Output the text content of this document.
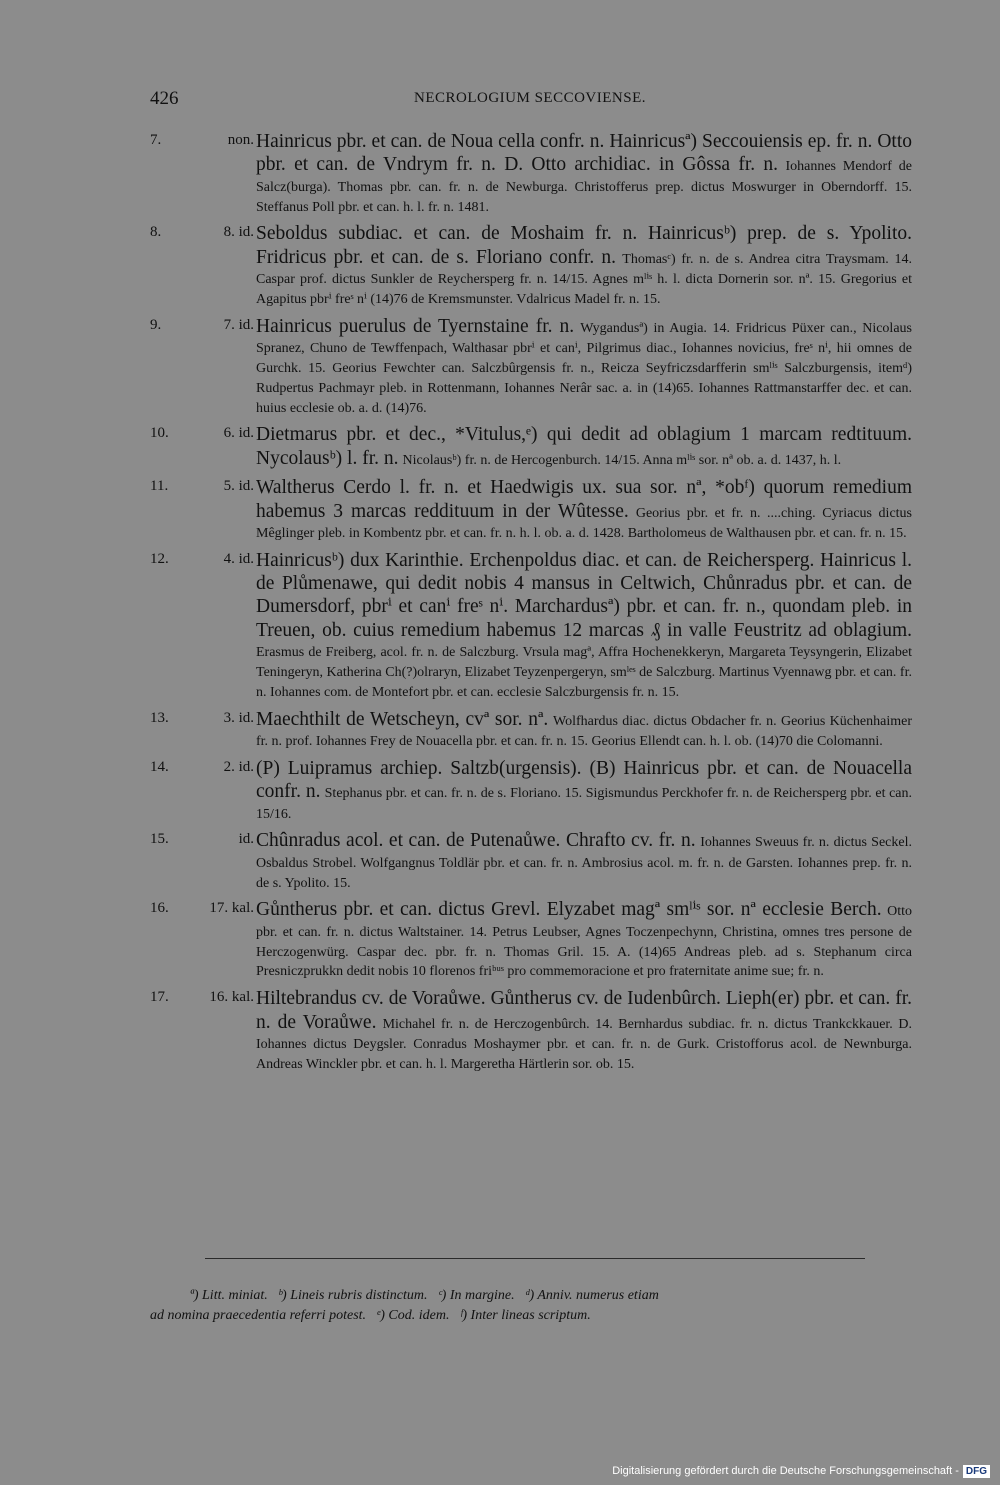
426	NECROLOGIUM SECCOVIENSE.
7.	non. Hainricus pbr. et can. de Noua cella confr. n. Hainricusª) Seccouiensis ep. fr. n. Otto pbr. et can. de Vndrym fr. n. D. Otto archidiac. in Gôssa fr. n. Iohannes Mendorf de Salcz(burga). Thomas pbr. can. fr. n. de Newburga. Christofferus prep. dictus Moswurger in Oberndorff. 15. Steffanus Poll pbr. et can. h. l. fr. n. 1481.
8.	8. id. Seboldus subdiac. et can. de Moshaim fr. n. Hainricusᵇ) prep. de s. Ypolito. Fridricus pbr. et can. de s. Floriano confr. n. Thomasᶜ) fr. n. de s. Andrea citra Traysmam. 14. Caspar prof. dictus Sunkler de Reychersperg fr. n. 14/15. Agnes mˡⁱˢ h. l. dicta Dornerin sor. nª. 15. Gregorius et Agapitus pbrⁱ freˢ nⁱ (14)76 de Kremsmunster. Vdalricus Madel fr. n. 15.
9.	7. id. Hainricus puerulus de Tyernstaine fr. n. Wygandusª) in Augia. 14. Fridricus Püxer can., Nicolaus Spranez, Chuno de Tewffenpach, Walthasar pbrⁱ et canⁱ, Pilgrimus diac., Iohannes novicius, freˢ nⁱ, hii omnes de Gurchk. 15. Georius Fewchter can. Salczbûrgensis fr. n., Reicza Seyfriczsdarfferin smˡⁱˢ Salczburgensis, itemᵈ) Rudpertus Pachmayr pleb. in Rottenmann, Iohannes Nerâr sac. a. in (14)65. Iohannes Rattmanstarffer dec. et can. huius ecclesie ob. a. d. (14)76.
10.	6. id. Dietmarus pbr. et dec., *Vitulus,ᵉ) qui dedit ad oblagium 1 marcam redtituum. Nycolausᵇ) l. fr. n. Nicolausᵇ) fr. n. de Hercogenburch. 14/15. Anna mˡⁱˢ sor. nª ob. a. d. 1437, h. l.
11.	5. id. Waltherus Cerdo l. fr. n. et Haedwigis ux. sua sor. nª, *obᶠ) quorum remedium habemus 3 marcas reddituum in der Wûtesse. Georius pbr. et fr. n. ....ching. Cyriacus dictus Mêglinger pleb. in Kombentz pbr. et can. fr. n. h. l. ob. a. d. 1428. Bartholomeus de Walthausen pbr. et can. fr. n. 15.
12.	4. id. Hainricusᵇ) dux Karinthie. Erchenpoldus diac. et can. de Reichersperg. Hainricus l. de Plůmenawe, qui dedit nobis 4 mansus in Celtwich, Chůnradus pbr. et can. de Dumersdorf, pbrⁱ et canⁱ freˢ nⁱ. Marchardusª) pbr. et can. fr. n., quondam pleb. in Treuen, ob. cuius remedium habemus 12 marcas ₰ in valle Feustritz ad oblagium. Erasmus de Freiberg, acol. fr. n. de Salczburg. Vrsula magª, Affra Hochenekkeryn, Margareta Teysyngerin, Elizabet Teningeryn, Katherina Ch(?)olraryn, Elizabet Teyzenpergeryn, smˡᵉˢ de Salczburg. Martinus Vyennawg pbr. et can. fr. n. Iohannes com. de Montefort pbr. et can. ecclesie Salczburgensis fr. n. 15.
13.	3. id. Maechthilt de Wetscheyn, cvª sor. nª. Wolfhardus diac. dictus Obdacher fr. n. Georius Küchenhaimer fr. n. prof. Iohannes Frey de Nouacella pbr. et can. fr. n. 15. Georius Ellendt can. h. l. ob. (14)70 die Colomanni.
14.	2. id. (P) Luipramus archiep. Saltzb(urgensis). (B) Hainricus pbr. et can. de Nouacella confr. n. Stephanus pbr. et can. fr. n. de s. Floriano. 15. Sigismundus Perckhofer fr. n. de Reichersperg pbr. et can. 15/16.
15.	id. Chûnradus acol. et can. de Putenaůwe. Chrafto cv. fr. n. Iohannes Sweuus fr. n. dictus Seckel. Osbaldus Strobel. Wolfgangnus Toldlär pbr. et can. fr. n. Ambrosius acol. m. fr. n. de Garsten. Iohannes prep. fr. n. de s. Ypolito. 15.
16.	17. kal. Gůntherus pbr. et can. dictus Grevl. Elyzabet magª smˡⁱˢ sor. nª ecclesie Berch. Otto pbr. et can. fr. n. dictus Waltstainer. 14. Petrus Leubser, Agnes Toczenpechynn, Christina, omnes tres persone de Herczogenwürg. Caspar dec. pbr. fr. n. Thomas Gril. 15. A. (14)65 Andreas pleb. ad s. Stephanum circa Presniczprukkn dedit nobis 10 florenos friᵇᵘˢ pro commemoracione et pro fraternitate anime sue; fr. n.
17.	16. kal. Hiltebrandus cv. de Voraůwe. Gůntherus cv. de Iudenbûrch. Lieph(er) pbr. et can. fr. n. de Voraůwe. Michahel fr. n. de Herczogenbûrch. 14. Bernhardus subdiac. fr. n. dictus Trankckkauer. D. Iohannes dictus Deygsler. Conradus Moshaymer pbr. et can. fr. n. de Gurk. Cristofforus acol. de Newnburga. Andreas Winckler pbr. et can. h. l. Margeretha Härtlerin sor. ob. 15.
ª) Litt. miniat.   ᵇ) Lineis rubris distinctum.   ᶜ) In margine.   ᵈ) Anniv. numerus etiam
ad nomina praecedentia referri potest.   ᵉ) Cod. idem.   ᶠ) Inter lineas scriptum.
Digitalisierung gefördert durch die Deutsche Forschungsgemeinschaft - DFG
